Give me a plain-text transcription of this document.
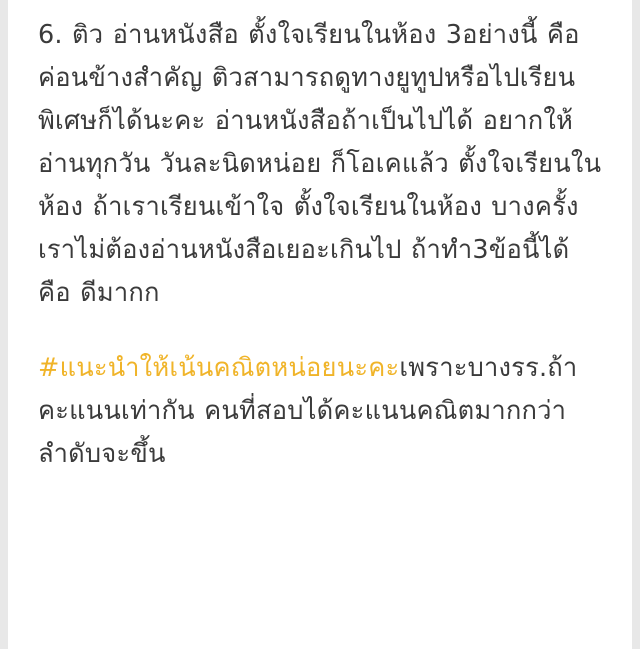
6. ติว อ่านหนังสือ ตั้งใจเรียนในห้อง 3อย่างนี้ คือค่อนข้างสำคัญ ติวสามารถดูทางยูทูปหรือไปเรียนพิเศษก็ได้นะคะ อ่านหนังสือถ้าเป็นไปได้ อยากให้อ่านทุกวัน วันละนิดหน่อย ก็โอเคแล้ว ตั้งใจเรียนในห้อง ถ้าเราเรียนเข้าใจ ตั้งใจเรียนในห้อง บางครั้งเราไม่ต้องอ่านหนังสือเยอะเกินไป ถ้าทำ3ข้อนี้ได้ คือ ดีมากก

#แนะนำให้เน้นคณิตหน่อยนะคะเพราะบางรร.ถ้าคะแนนเท่ากัน คนที่สอบได้คะแนนคณิตมากกว่า ลำดับจะขึ้น
